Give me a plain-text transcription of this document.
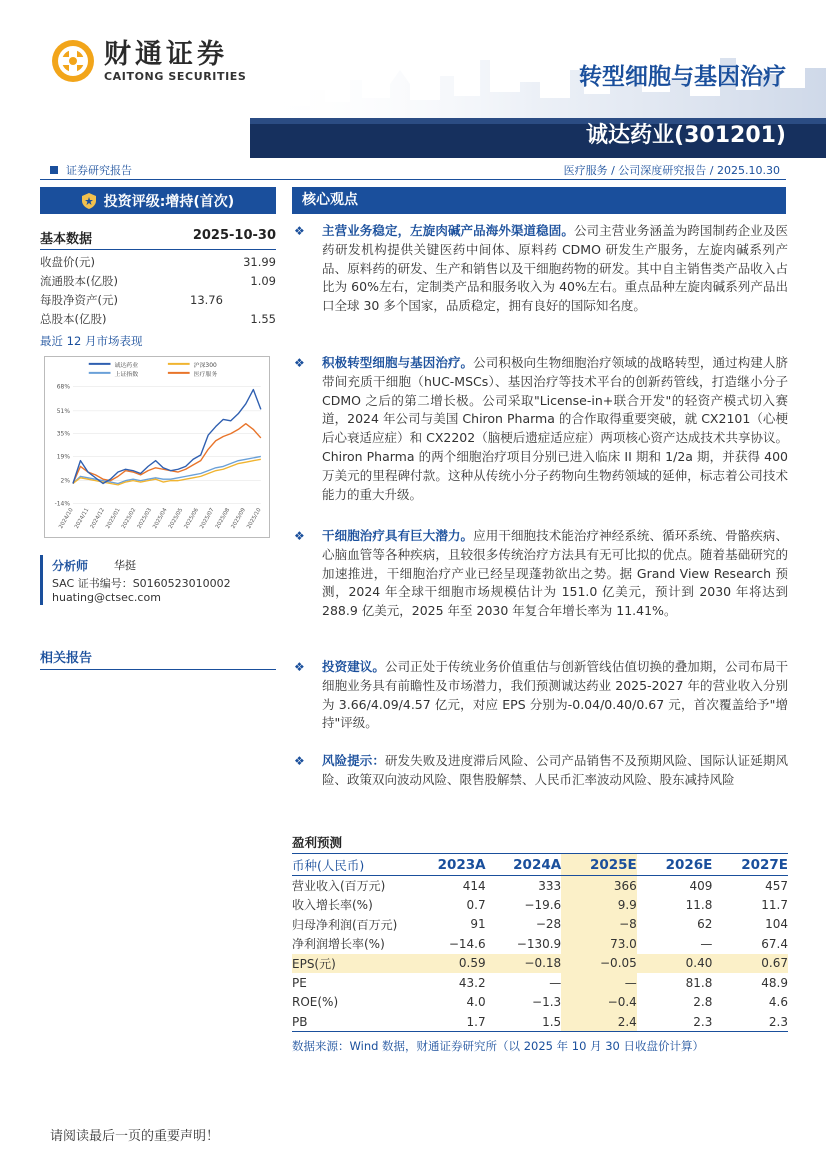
财通证券
CAITONG SECURITIES	转型细胞与基因治疗
诚达药业(301201)
证券研究报告	医疗服务 / 公司深度研究报告 / 2025.10.30
投资评级:增持(首次)
基本数据	2025-10-30
收盘价(元)	31.99
流通股本(亿股)	1.09
每股净资产(元)	13.76
总股本(亿股)	1.55
最近 12 月市场表现
诚达药业	沪深300
上证指数	医疗服务
68%
51%
35%
19%
2%
-14%
2024/10 2024/11 2024/12 2025/01 2025/02 2025/03 2025/04 2025/05 2025/06 2025/07 2025/08 2025/09 2025/10
分析师 华挺
SAC 证书编号：S0160523010002
huating@ctsec.com
相关报告
核心观点
❖ 主营业务稳定，左旋肉碱产品海外渠道稳固。公司主营业务涵盖为跨国制药企业及医药研发机构提供关键医药中间体、原料药 CDMO 研发生产服务，左旋肉碱系列产品、原料药的研发、生产和销售以及干细胞药物的研发。其中自主销售类产品收入占比为 60%左右，定制类产品和服务收入为 40%左右。重点品种左旋肉碱系列产品出口全球 30 多个国家，品质稳定，拥有良好的国际知名度。
❖ 积极转型细胞与基因治疗。公司积极向生物细胞治疗领域的战略转型，通过构建人脐带间充质干细胞（hUC-MSCs）、基因治疗等技术平台的创新药管线，打造继小分子 CDMO 之后的第二增长极。公司采取"License-in+联合开发"的轻资产模式切入赛道，2024 年公司与美国 Chiron Pharma 的合作取得重要突破，就 CX2101（心梗后心衰适应症）和 CX2202（脑梗后遗症适应症）两项核心资产达成技术共享协议。Chiron Pharma 的两个细胞治疗项目分别已进入临床 II 期和 1/2a 期，并获得 400 万美元的里程碑付款。这种从传统小分子药物向生物药领域的延伸，标志着公司技术能力的重大升级。
❖ 干细胞治疗具有巨大潜力。应用干细胞技术能治疗神经系统、循环系统、骨骼疾病、心脑血管等各种疾病，且较很多传统治疗方法具有无可比拟的优点。随着基础研究的加速推进，干细胞治疗产业已经呈现蓬勃欲出之势。据 Grand View Research 预测，2024 年全球干细胞市场规模估计为 151.0 亿美元，预计到 2030 年将达到 288.9 亿美元，2025 年至 2030 年复合年增长率为 11.41%。
❖ 投资建议。公司正处于传统业务价值重估与创新管线估值切换的叠加期，公司布局干细胞业务具有前瞻性及市场潜力，我们预测诚达药业 2025-2027 年的营业收入分别为 3.66/4.09/4.57 亿元，对应 EPS 分别为-0.04/0.40/0.67 元，首次覆盖给予"增持"评级。
❖ 风险提示：研发失败及进度滞后风险、公司产品销售不及预期风险、国际认证延期风险、政策双向波动风险、限售股解禁、人民币汇率波动风险、股东减持风险
盈利预测
币种(人民币)	2023A	2024A	2025E	2026E	2027E
营业收入(百万元)	414	333	366	409	457
收入增长率(%)	0.7	−19.6	9.9	11.8	11.7
归母净利润(百万元)	91	−28	−8	62	104
净利润增长率(%)	−14.6	−130.9	73.0	—	67.4
EPS(元)	0.59	−0.18	−0.05	0.40	0.67
PE	43.2	—	—	81.8	48.9
ROE(%)	4.0	−1.3	−0.4	2.8	4.6
PB	1.7	1.5	2.4	2.3	2.3
数据来源：Wind 数据，财通证券研究所（以 2025 年 10 月 30 日收盘价计算）
请阅读最后一页的重要声明！
